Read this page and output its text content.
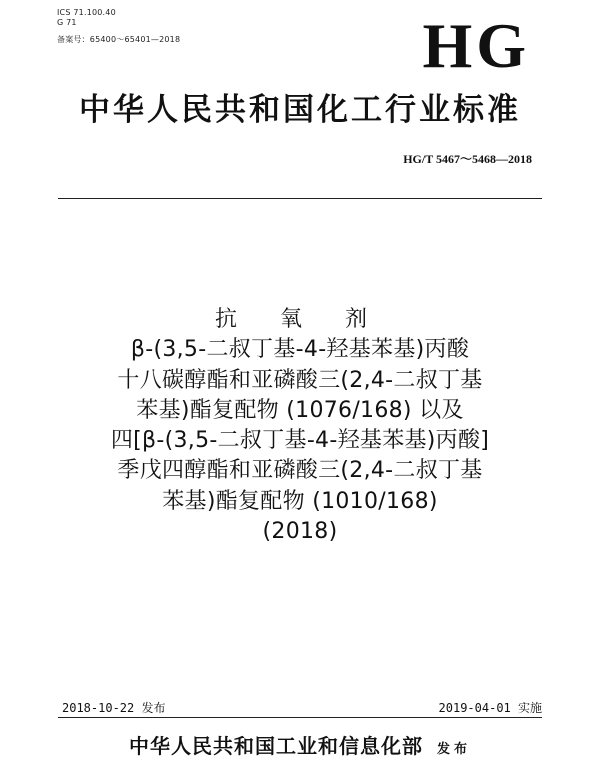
ICS 71.100.40
G 71
备案号：65400～65401—2018	HG
中华人民共和国化工行业标准
HG/T 5467～5468—2018
抗 氧 剂
β-(3,5-二叔丁基-4-羟基苯基)丙酸
十八碳醇酯和亚磷酸三(2,4-二叔丁基
苯基)酯复配物 (1076/168) 以及
四[β-(3,5-二叔丁基-4-羟基苯基)丙酸]
季戊四醇酯和亚磷酸三(2,4-二叔丁基
苯基)酯复配物 (1010/168)
(2018)
2018-10-22 发布	2019-04-01 实施
中华人民共和国工业和信息化部 发布
